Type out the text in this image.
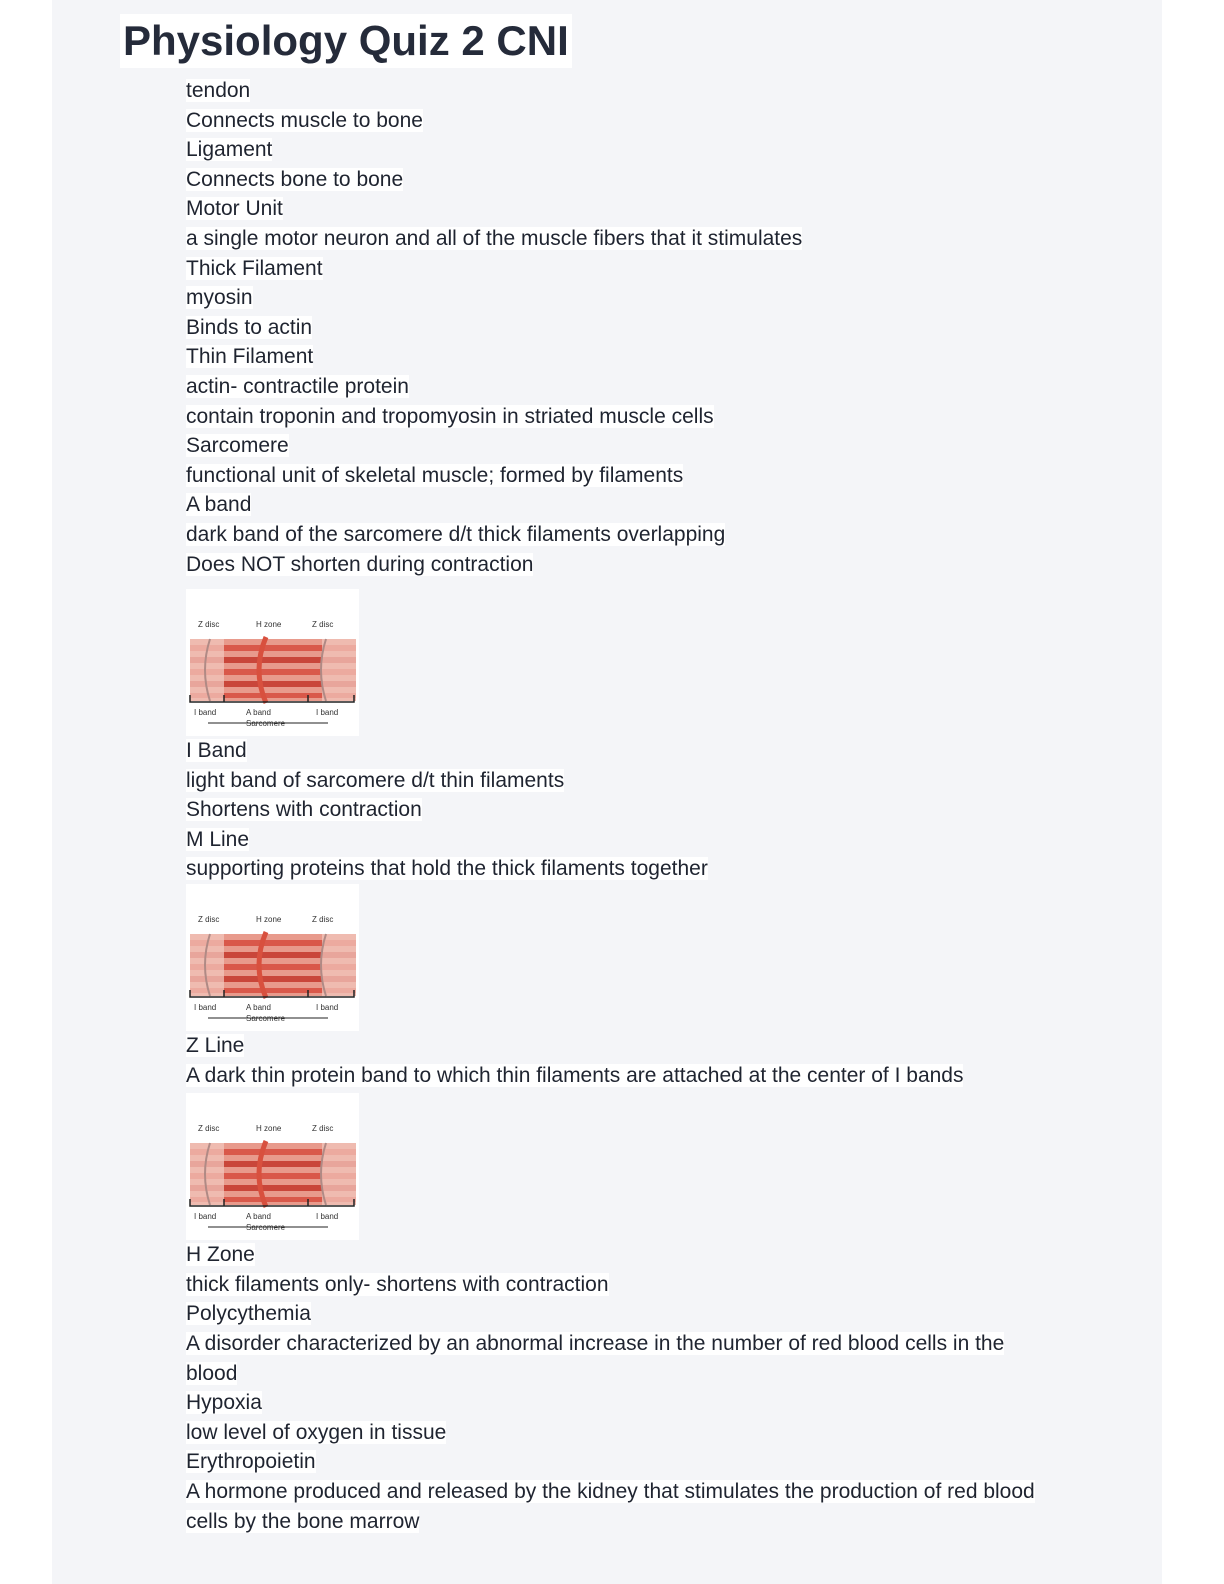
Physiology Quiz 2 CNI
tendon
Connects muscle to bone
Ligament
Connects bone to bone
Motor Unit
a single motor neuron and all of the muscle fibers that it stimulates
Thick Filament
myosin
Binds to actin
Thin Filament
actin- contractile protein
contain troponin and tropomyosin in striated muscle cells
Sarcomere
functional unit of skeletal muscle; formed by filaments
A band
dark band of the sarcomere d/t thick filaments overlapping
Does NOT shorten during contraction
Z disc	H zone	Z disc
I band	A band	I band
Sarcomere
I Band
light band of sarcomere d/t thin filaments
Shortens with contraction
M Line
supporting proteins that hold the thick filaments together
Z disc	H zone	Z disc
I band	A band	I band
Sarcomere
Z Line
A dark thin protein band to which thin filaments are attached at the center of I bands
Z disc	H zone	Z disc
I band	A band	I band
Sarcomere
H Zone
thick filaments only- shortens with contraction
Polycythemia
A disorder characterized by an abnormal increase in the number of red blood cells in the
blood
Hypoxia
low level of oxygen in tissue
Erythropoietin
A hormone produced and released by the kidney that stimulates the production of red blood
cells by the bone marrow
